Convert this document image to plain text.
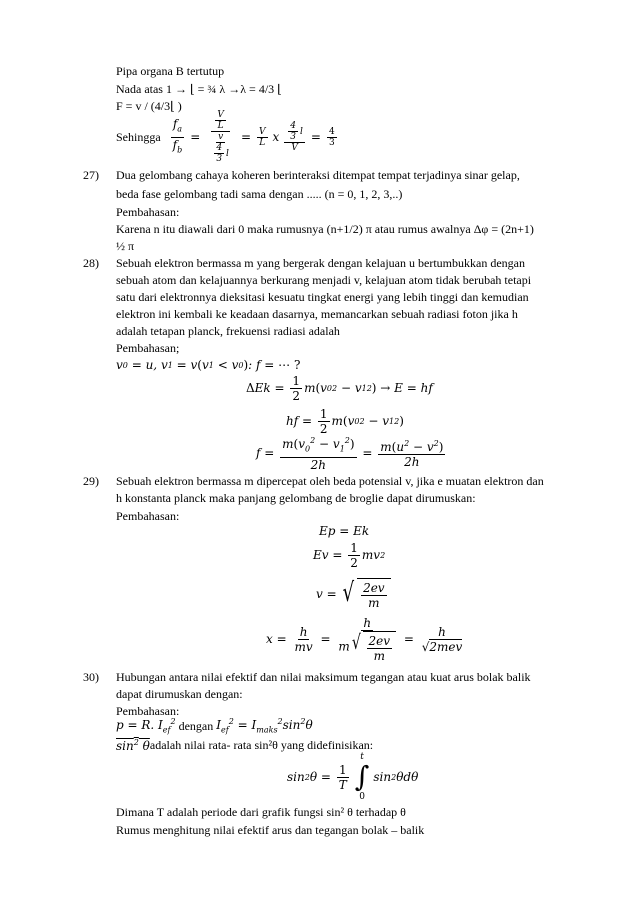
Pipa organa B tertutup
Nada atas 1 → ⌊ = ¾ λ →λ = 4/3 ⌊
F = v / (4/3⌊ )
Sehingga $\frac{f_a}{f_b} = \frac{\frac{V}{L}}{\frac{v}{\frac{4}{3} l}} = \frac{V}{L}$ x $\frac{\frac{4}{3} l}{V} = \frac{4}{3}$
27) Dua gelombang cahaya koheren berinteraksi ditempat tempat terjadinya sinar gelap,
beda fase gelombang tadi sama dengan ..... (n = 0, 1, 2, 3,..)
Pembahasan:
Karena n itu diawali dari 0 maka rumusnya (n+1/2) π atau rumus awalnya Δφ = (2n+1)
½ π
28) Sebuah elektron bermassa m yang bergerak dengan kelajuan u bertumbukkan dengan
sebuah atom dan kelajuannya berkurang menjadi v, kelajuan atom tidak berubah tetapi
satu dari elektronnya dieksitasi kesuatu tingkat energi yang lebih tinggi dan kemudian
elektron ini kembali ke keadaan dasarnya, memancarkan sebuah radiasi foton jika h
adalah tetapan planck, frekuensi radiasi adalah
Pembahasan;
v 0
= u, v 1
= v ( v 1
< v 0 ) : f =
⋯ ?
Δ Ek =
$\frac{1}{2}$ m ( v 0 2
− v 1 2 )
→ E = hf
hf =
$\frac{1}{2}$ m ( v 0 2
− v 1 2 )
f =
$\frac{m(v_0^2 - v_1^2)}{2h}$
=
$\frac{m(u^2 - v^2)}{2h}$
29) Sebuah elektron bermassa m dipercepat oleh beda potensial v, jika e muatan elektron dan
h konstanta planck maka panjang gelombang de broglie dapat dirumuskan:
Pembahasan:
Ep = Ek
Ev =
$\frac{1}{2}$ mv 2
v =
√ $\frac{2ev}{m}$
x =
$\frac{h}{mv}$
=
$\frac{h}{m √ \frac{2ev}{m}}$
=
$\frac{h}{\text{√2mev}}$
30) Hubungan antara nilai efektif dan nilai maksimum tegangan atau kuat arus bolak balik
dapat dirumuskan dengan:
Pembahasan:
p = R. $I_{ef}^2$
dengan
$I_{ef}^2 = I_{maks}^2\sin^2\theta$
$\sin^2 \theta$ adalah nilai rata- rata sin²θ yang didefinisikan:
sin 2 θ =
$\frac{1}{T}$
t
∫
0
sin 2 θdθ
Dimana T adalah periode dari grafik fungsi sin² θ terhadap θ
Rumus menghitung nilai efektif arus dan tegangan bolak – balik
